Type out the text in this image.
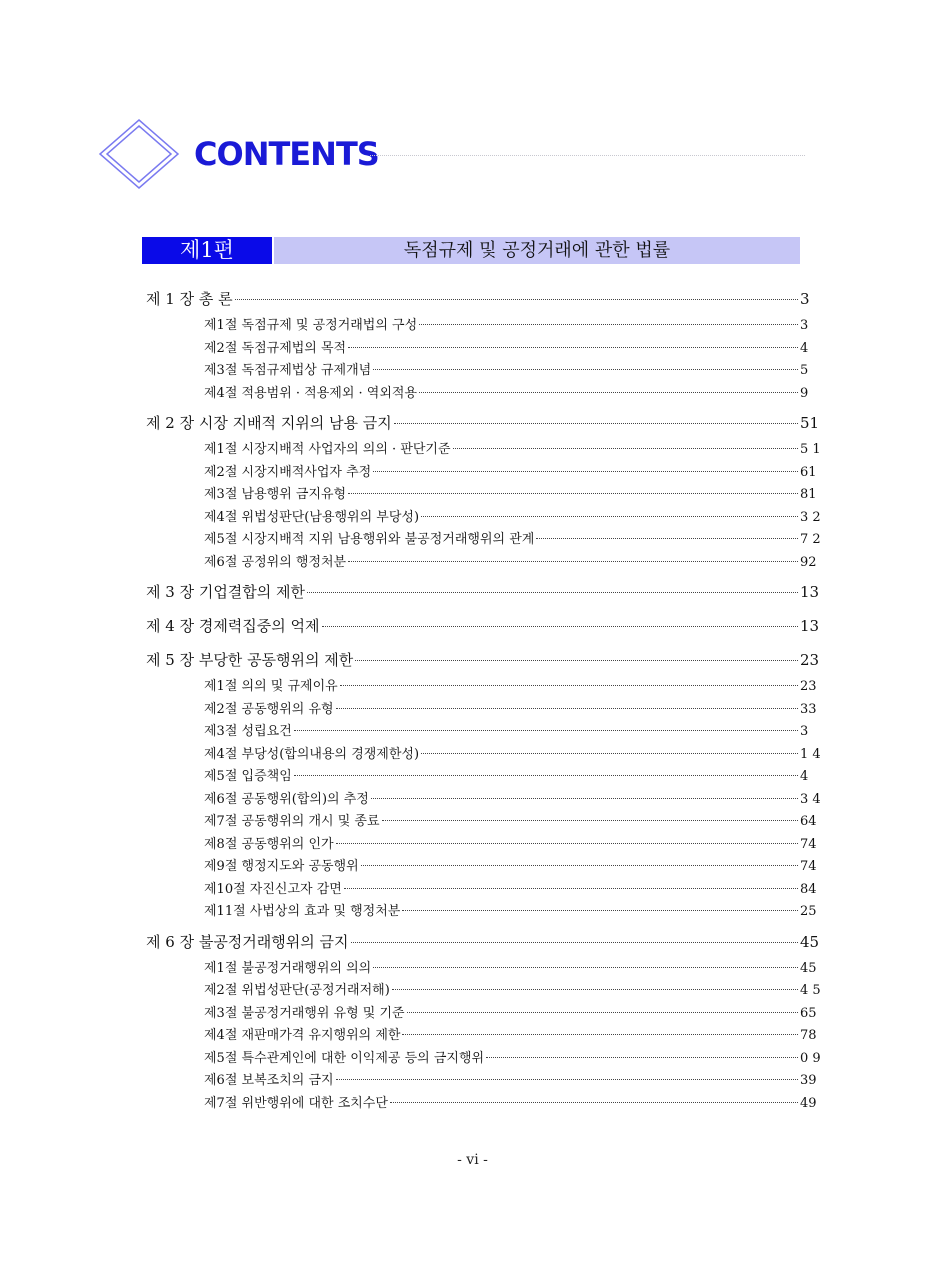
CONTENTS
제1편	독점규제 및 공정거래에 관한 법률
제 1 장 총 론	3
제1절 독점규제 및 공정거래법의 구성	3
제2절 독점규제법의 목적	4
제3절 독점규제법상 규제개념	5
제4절 적용범위 · 적용제외 · 역외적용	9
제 2 장 시장 지배적 지위의 남용 금지	51
제1절 시장지배적 사업자의 의의 · 판단기준	5 1
제2절 시장지배적사업자 추정	61
제3절 남용행위 금지유형	81
제4절 위법성판단(남용행위의 부당성)	3 2
제5절 시장지배적 지위 남용행위와 불공정거래행위의 관계	7 2
제6절 공정위의 행정처분	92
제 3 장 기업결합의 제한	13
제 4 장 경제력집중의 억제	13
제 5 장 부당한 공동행위의 제한	23
제1절 의의 및 규제이유	23
제2절 공동행위의 유형	33
제3절 성립요건	3
제4절 부당성(합의내용의 경쟁제한성)	1 4
제5절 입증책임	4
제6절 공동행위(합의)의 추정	3 4
제7절 공동행위의 개시 및 종료	64
제8절 공동행위의 인가	74
제9절 행정지도와 공동행위	74
제10절 자진신고자 감면	84
제11절 사법상의 효과 및 행정처분	25
제 6 장 불공정거래행위의 금지	45
제1절 불공정거래행위의 의의	45
제2절 위법성판단(공정거래저해)	4 5
제3절 불공정거래행위 유형 및 기준	65
제4절 재판매가격 유지행위의 제한	78
제5절 특수관계인에 대한 이익제공 등의 금지행위	0 9
제6절 보복조치의 금지	39
제7절 위반행위에 대한 조치수단	49
- vi -
